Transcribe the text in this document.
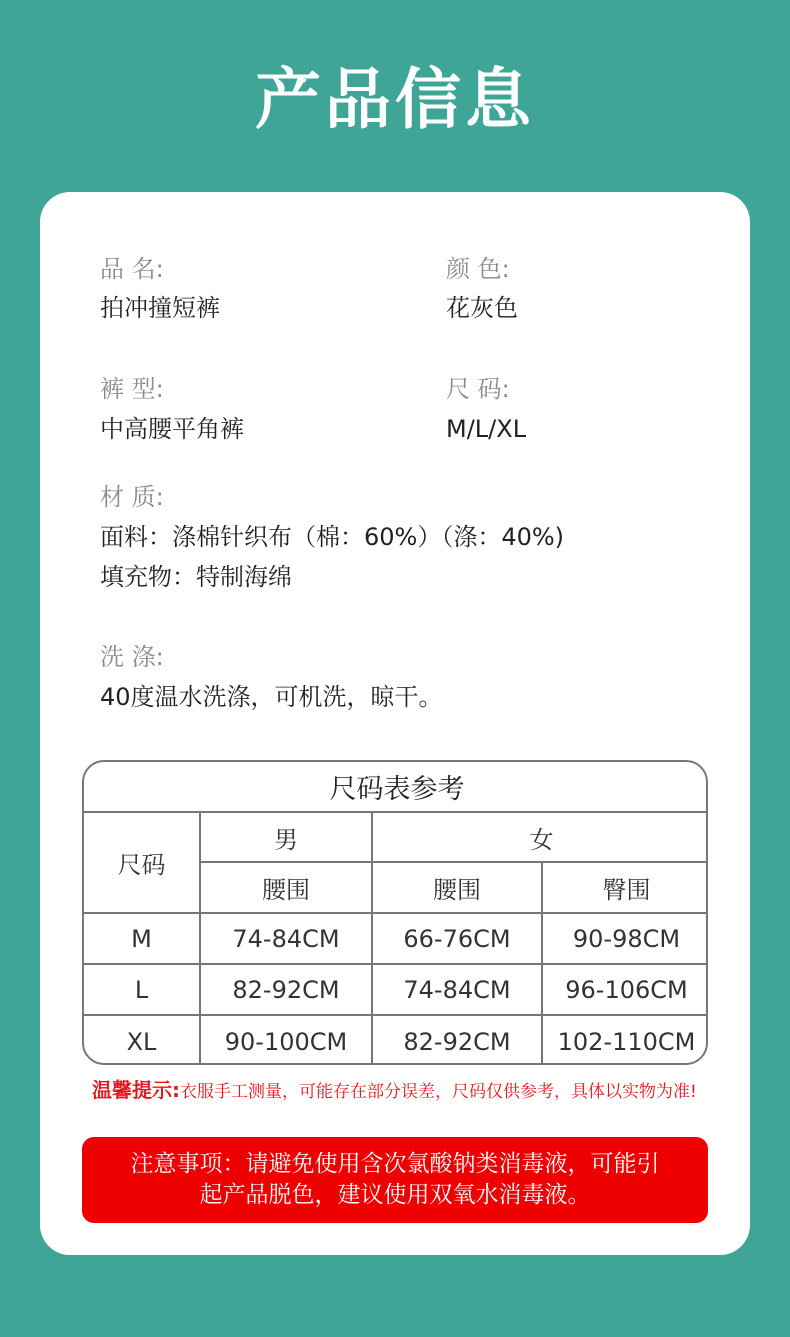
产品信息
品 名:
拍冲撞短裤
颜 色:
花灰色
裤 型:
中高腰平角裤
尺 码:
M/L/XL
材 质:
面料：涤棉针织布（棉：60%）（涤：40%)
填充物：特制海绵
洗 涤:
40度温水洗涤，可机洗，晾干。
尺码表参考			
尺码	男	女	
	腰围	腰围	臀围
M	74-84CM	66-76CM	90-98CM
L	82-92CM	74-84CM	96-106CM
XL	90-100CM	82-92CM	102-110CM
温馨提示:衣服手工测量，可能存在部分误差，尺码仅供参考，具体以实物为准!
注意事项：请避免使用含次氯酸钠类消毒液，可能引
起产品脱色，建议使用双氧水消毒液。
